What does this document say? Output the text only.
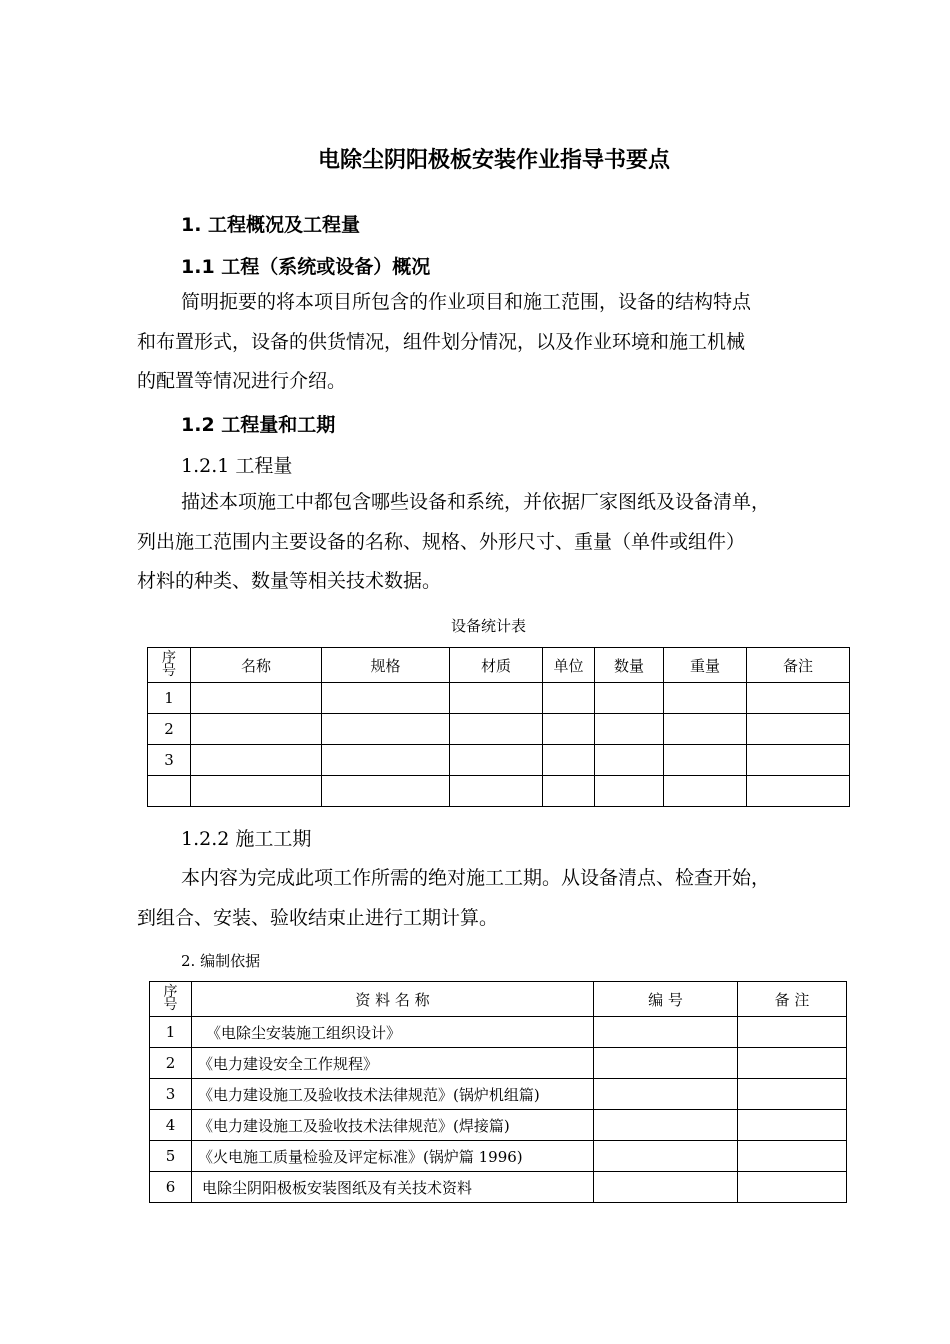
电除尘阴阳极板安装作业指导书要点
1. 工程概况及工程量
1.1 工程（系统或设备）概况
简明扼要的将本项目所包含的作业项目和施工范围，设备的结构特点
和布置形式，设备的供货情况，组件划分情况，以及作业环境和施工机械
的配置等情况进行介绍。
1.2 工程量和工期
1.2.1 工程量
描述本项施工中都包含哪些设备和系统，并依据厂家图纸及设备清单，
列出施工范围内主要设备的名称、规格、外形尺寸、重量（单件或组件）
材料的种类、数量等相关技术数据。
设备统计表
序
号	名称	规格	材质	单位	数量	重量	备注
1							
2							
3							

1.2.2 施工工期
本内容为完成此项工作所需的绝对施工工期。从设备清点、检查开始，
到组合、安装、验收结束止进行工期计算。
2. 编制依据
序
号	资 料 名 称	编 号	备 注
1	《电除尘安装施工组织设计》		
2	《电力建设安全工作规程》		
3	《电力建设施工及验收技术法律规范》(锅炉机组篇)		
4	《电力建设施工及验收技术法律规范》(焊接篇)		
5	《火电施工质量检验及评定标准》(锅炉篇 1996)		
6	电除尘阴阳极板安装图纸及有关技术资料		
